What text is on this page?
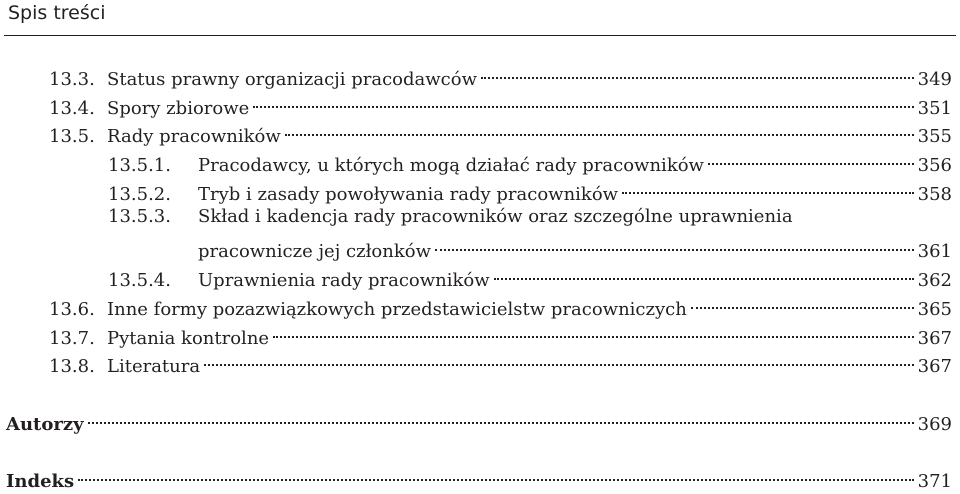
Spis treści
13.3. Status prawny organizacji pracodawców	349
13.4. Spory zbiorowe	351
13.5. Rady pracowników	355
13.5.1.	Pracodawcy, u których mogą działać rady pracowników	356
13.5.2.	Tryb i zasady powoływania rady pracowników	358
13.5.3. Skład i kadencja rady pracowników oraz szczególne uprawnienia
pracownicze jej członków	361
13.5.4.	Uprawnienia rady pracowników	362
13.6. Inne formy pozazwiązkowych przedstawicielstw pracowniczych	365
13.7. Pytania kontrolne	367
13.8. Literatura	367
Autorzy	369
Indeks	371
